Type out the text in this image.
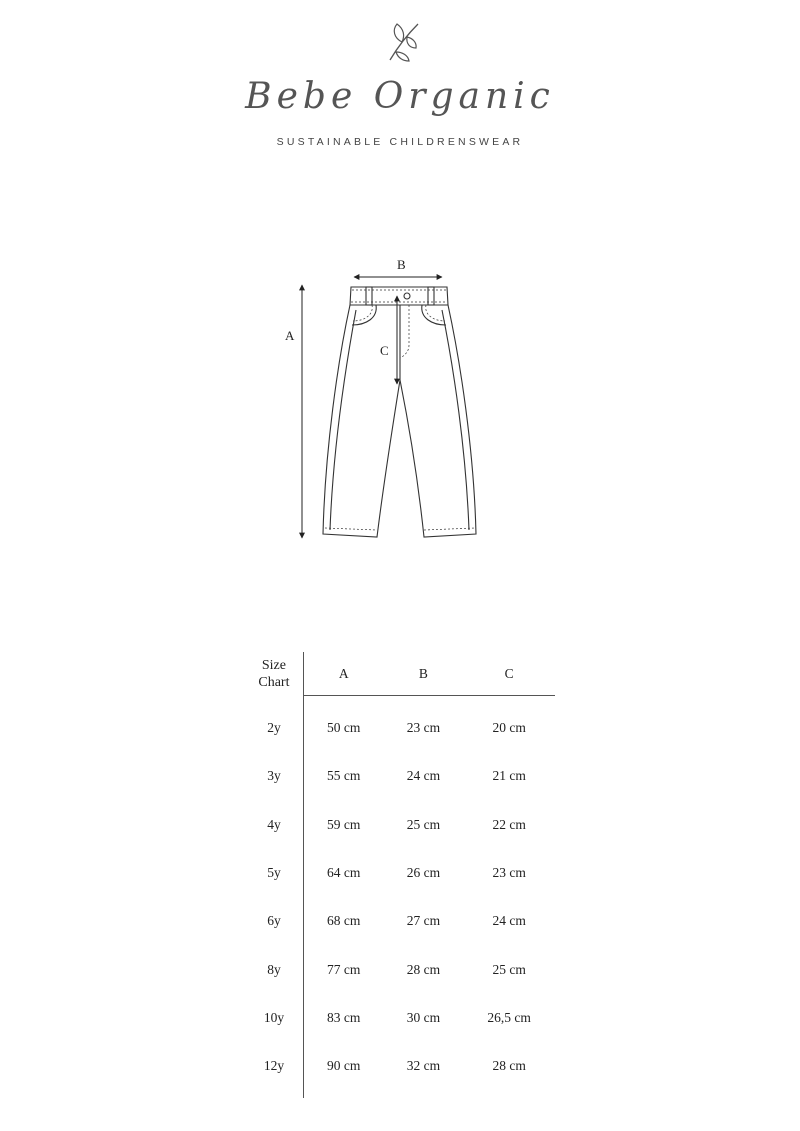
Bebe Organic
SUSTAINABLE CHILDRENSWEAR
A
B
C
Size
Chart	A	B	C

2y	50 cm	23 cm	20 cm
3y	55 cm	24 cm	21 cm
4y	59 cm	25 cm	22 cm
5y	64 cm	26 cm	23 cm
6y	68 cm	27 cm	24 cm
8y	77 cm	28 cm	25 cm
10y	83 cm	30 cm	26,5 cm
12y	90 cm	32 cm	28 cm
